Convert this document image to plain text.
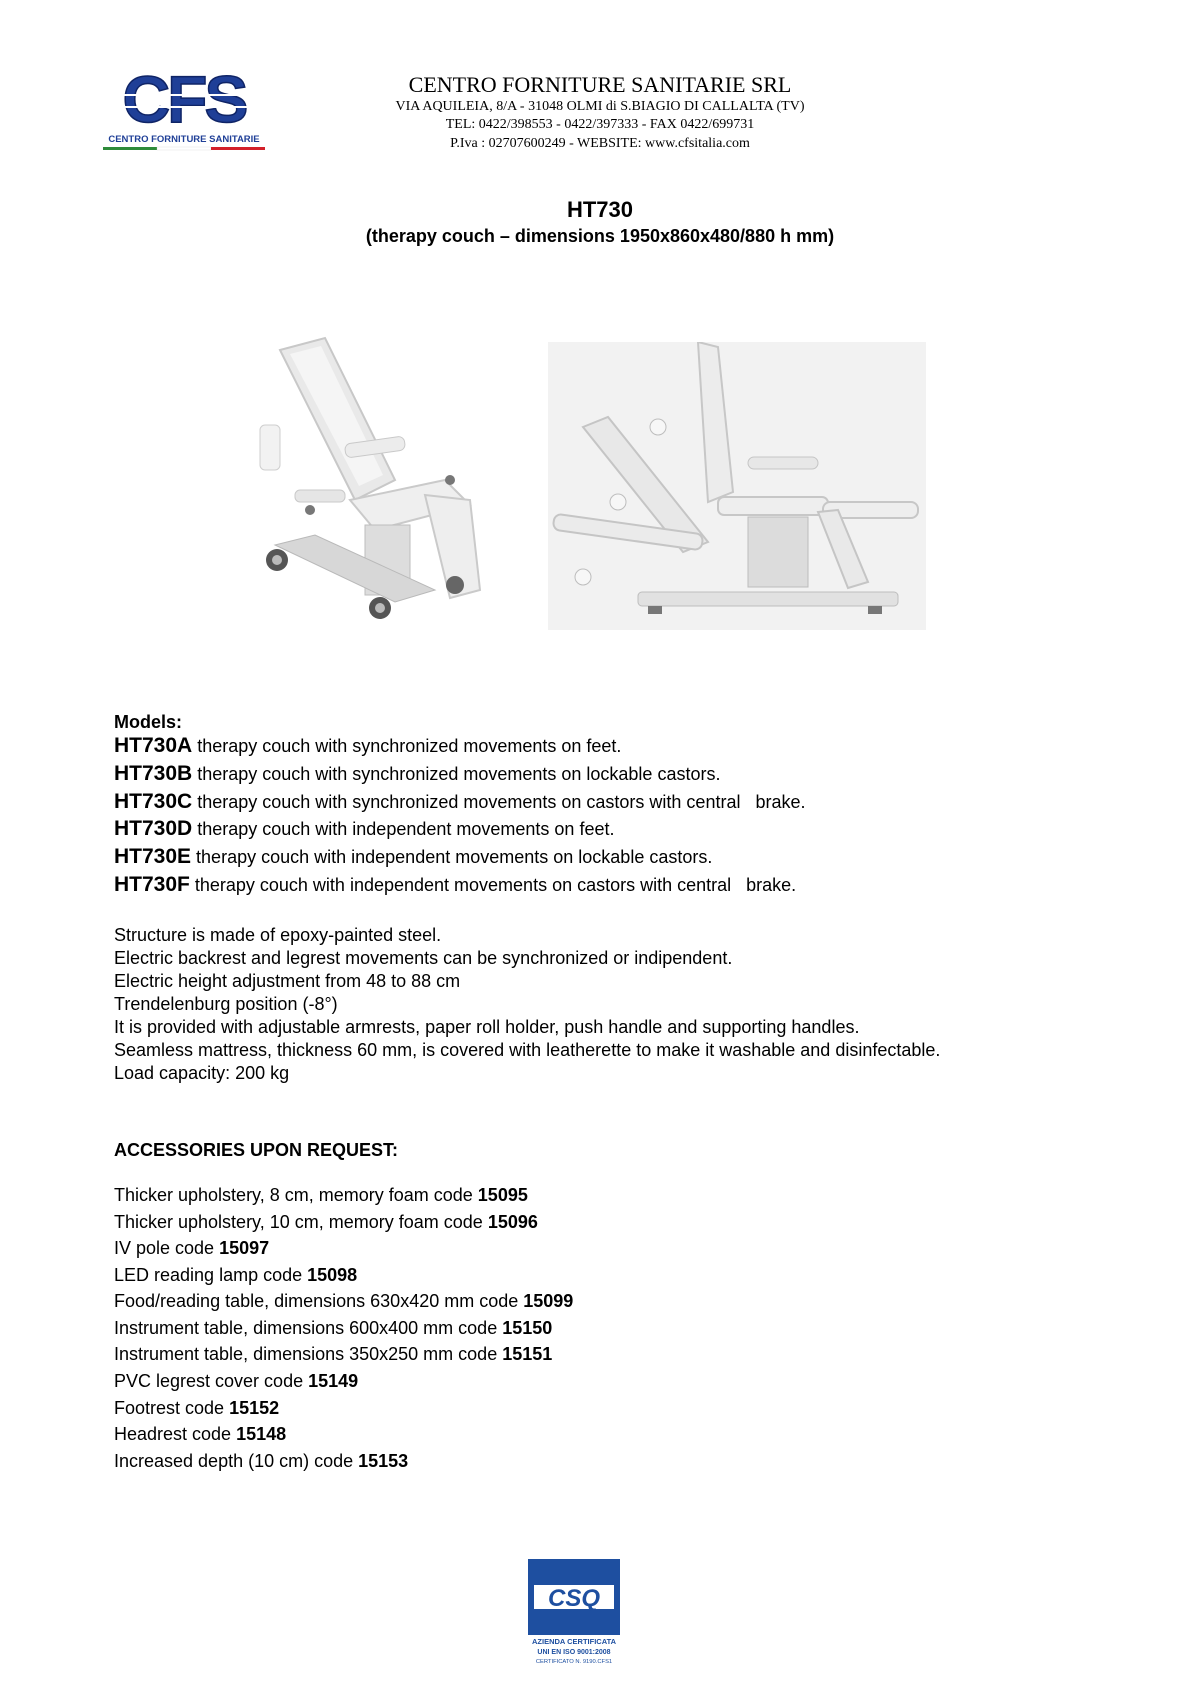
CFS
CENTRO FORNITURE SANITARIE
CENTRO FORNITURE SANITARIE SRL
VIA AQUILEIA, 8/A - 31048 OLMI di S.BIAGIO DI CALLALTA (TV)
TEL: 0422/398553 - 0422/397333 - FAX 0422/699731
P.Iva : 02707600249 - WEBSITE: www.cfsitalia.com
HT730
(therapy couch – dimensions 1950x860x480/880 h mm)
Models:
HT730A therapy couch with synchronized movements on feet.
HT730B therapy couch with synchronized movements on lockable castors.
HT730C therapy couch with synchronized movements on castors with central   brake.
HT730D therapy couch with independent movements on feet.
HT730E therapy couch with independent movements on lockable castors.
HT730F therapy couch with independent movements on castors with central   brake.
Structure is made of epoxy-painted steel.
Electric backrest and legrest movements can be synchronized or indipendent.
Electric height adjustment from 48 to 88 cm
Trendelenburg position (-8°)
It is provided with adjustable armrests, paper roll holder, push handle and supporting handles.
Seamless mattress, thickness 60 mm, is covered with leatherette to make it washable and disinfectable.
Load capacity: 200 kg
ACCESSORIES UPON REQUEST:
Thicker upholstery, 8 cm, memory foam code 15095
Thicker upholstery, 10 cm, memory foam code 15096
IV pole code 15097
LED reading lamp code 15098
Food/reading table, dimensions 630x420 mm code 15099
Instrument table, dimensions 600x400 mm code 15150
Instrument table, dimensions 350x250 mm code 15151
PVC legrest cover code 15149
Footrest code 15152
Headrest code 15148
Increased depth (10 cm) code 15153
CSQ
AZIENDA CERTIFICATA
UNI EN ISO 9001:2008
CERTIFICATO N. 9190.CFS1
